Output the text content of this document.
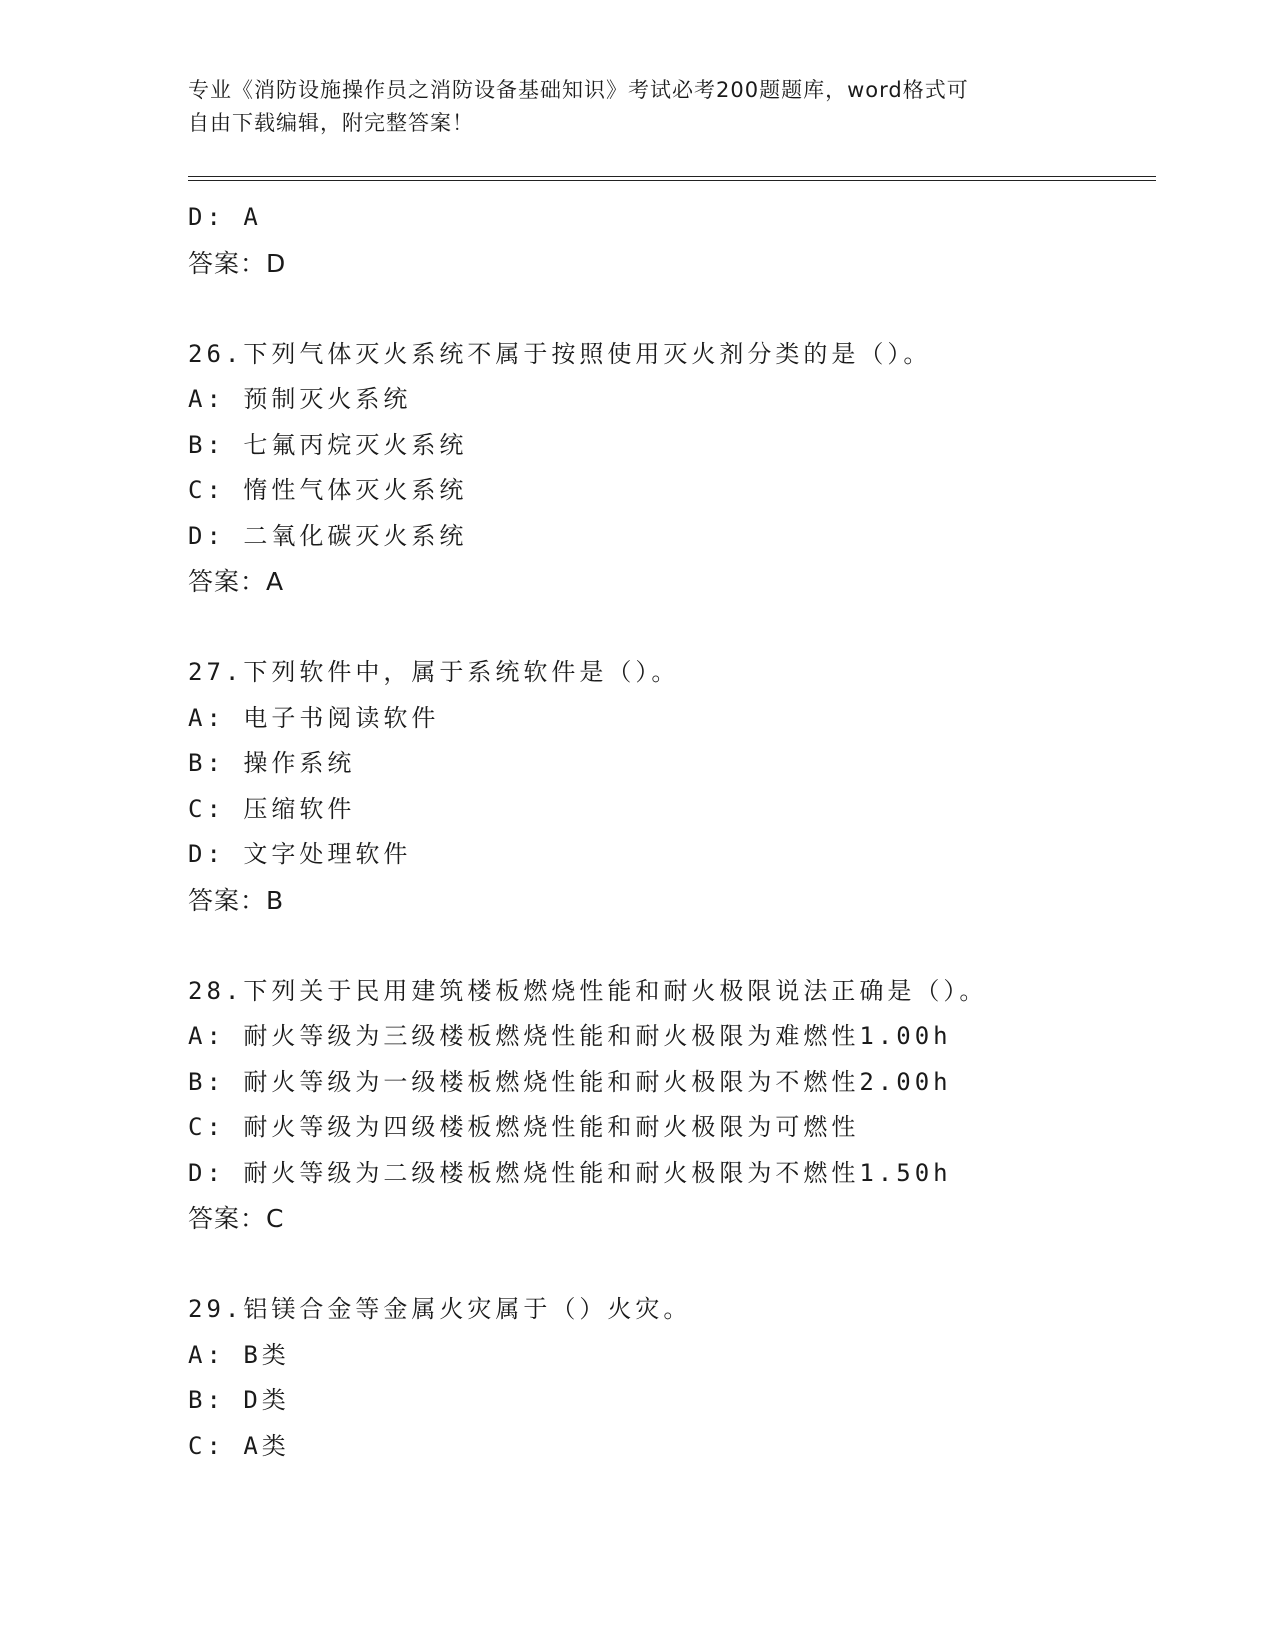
专业《消防设施操作员之消防设备基础知识》考试必考200题题库，word格式可
自由下载编辑，附完整答案！
D: A
答案：D
26.下列气体灭火系统不属于按照使用灭火剂分类的是（）。
A: 预制灭火系统
B: 七氟丙烷灭火系统
C: 惰性气体灭火系统
D: 二氧化碳灭火系统
答案：A
27.下列软件中，属于系统软件是（）。
A: 电子书阅读软件
B: 操作系统
C: 压缩软件
D: 文字处理软件
答案：B
28.下列关于民用建筑楼板燃烧性能和耐火极限说法正确是（）。
A: 耐火等级为三级楼板燃烧性能和耐火极限为难燃性1.00h
B: 耐火等级为一级楼板燃烧性能和耐火极限为不燃性2.00h
C: 耐火等级为四级楼板燃烧性能和耐火极限为可燃性
D: 耐火等级为二级楼板燃烧性能和耐火极限为不燃性1.50h
答案：C
29.铝镁合金等金属火灾属于（）火灾。
A: B类
B: D类
C: A类
